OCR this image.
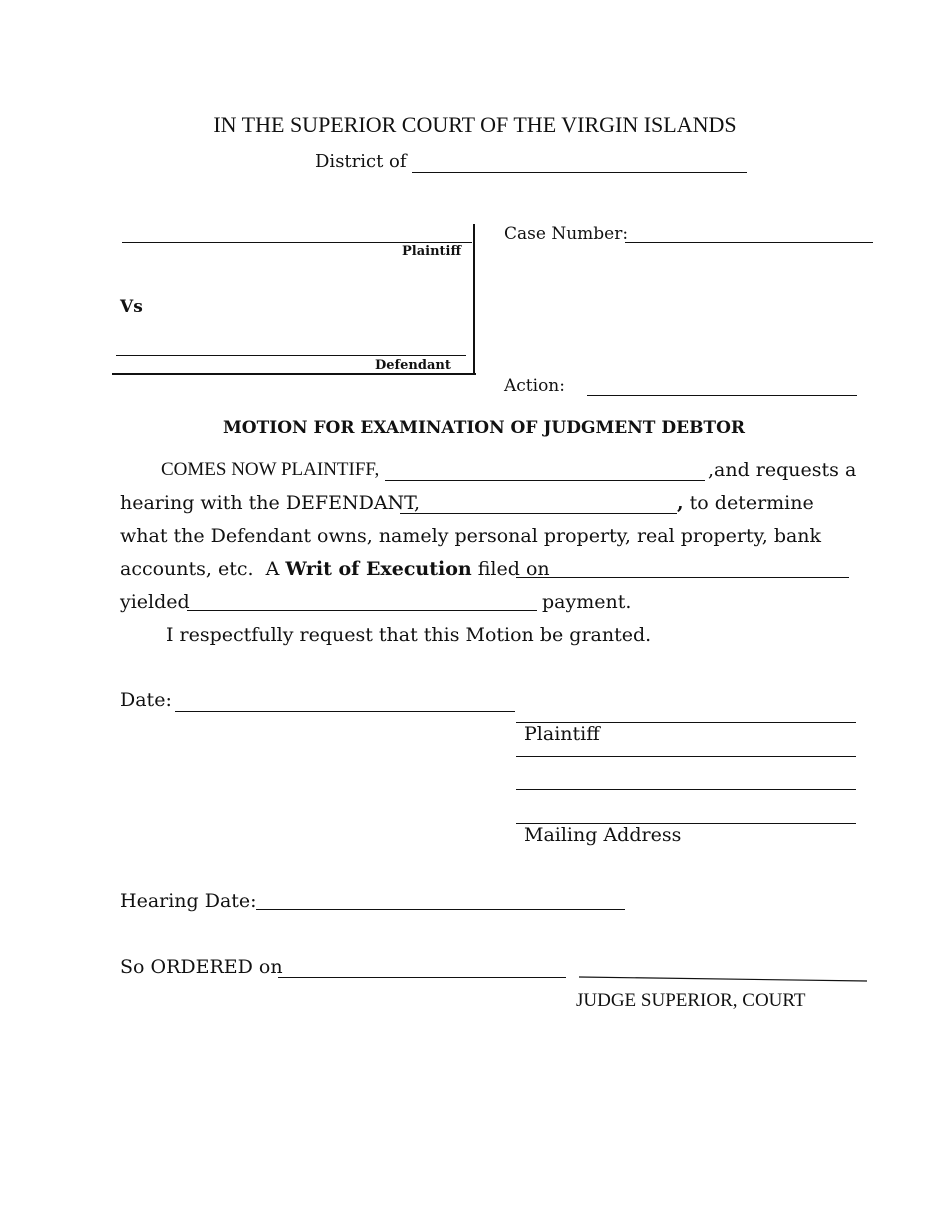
IN THE SUPERIOR COURT OF THE VIRGIN ISLANDS
District of
Plaintiff
Vs
Defendant
Case Number:
Action:
MOTION FOR EXAMINATION OF JUDGMENT DEBTOR
COMES NOW PLAINTIFF,	,and requests a
hearing with the DEFENDANT,	, to determine
what the Defendant owns, namely personal property, real property, bank
accounts, etc.  A Writ of Execution filed on
yielded	payment.
I respectfully request that this Motion be granted.
Date:
Plaintiff
Mailing Address
Hearing Date:
So ORDERED on
JUDGE SUPERIOR, COURT
